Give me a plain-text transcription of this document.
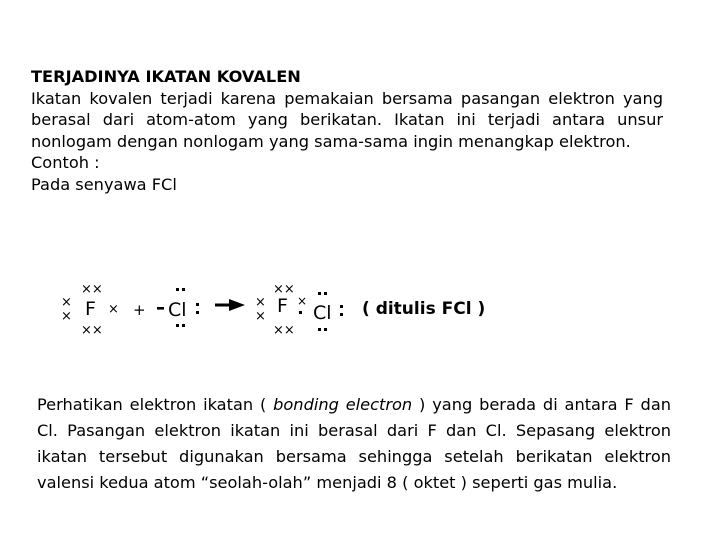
TERJADINYA IKATAN KOVALEN
Ikatan kovalen terjadi karena pemakaian bersama pasangan elektron yang berasal dari atom-atom yang berikatan. Ikatan ini terjadi antara unsur nonlogam dengan nonlogam yang sama-sama ingin menangkap elektron.
Contoh :
Pada senyawa FCl
××
××
×
×	×
F + Cl
××
××
×
× F ×
Cl ( ditulis FCl )
Perhatikan elektron ikatan ( bonding electron ) yang berada di antara F dan Cl. Pasangan elektron ikatan ini berasal dari F dan Cl. Sepasang elektron ikatan tersebut digunakan bersama sehingga setelah berikatan elektron valensi kedua atom “seolah-olah” menjadi 8 ( oktet ) seperti gas mulia.
